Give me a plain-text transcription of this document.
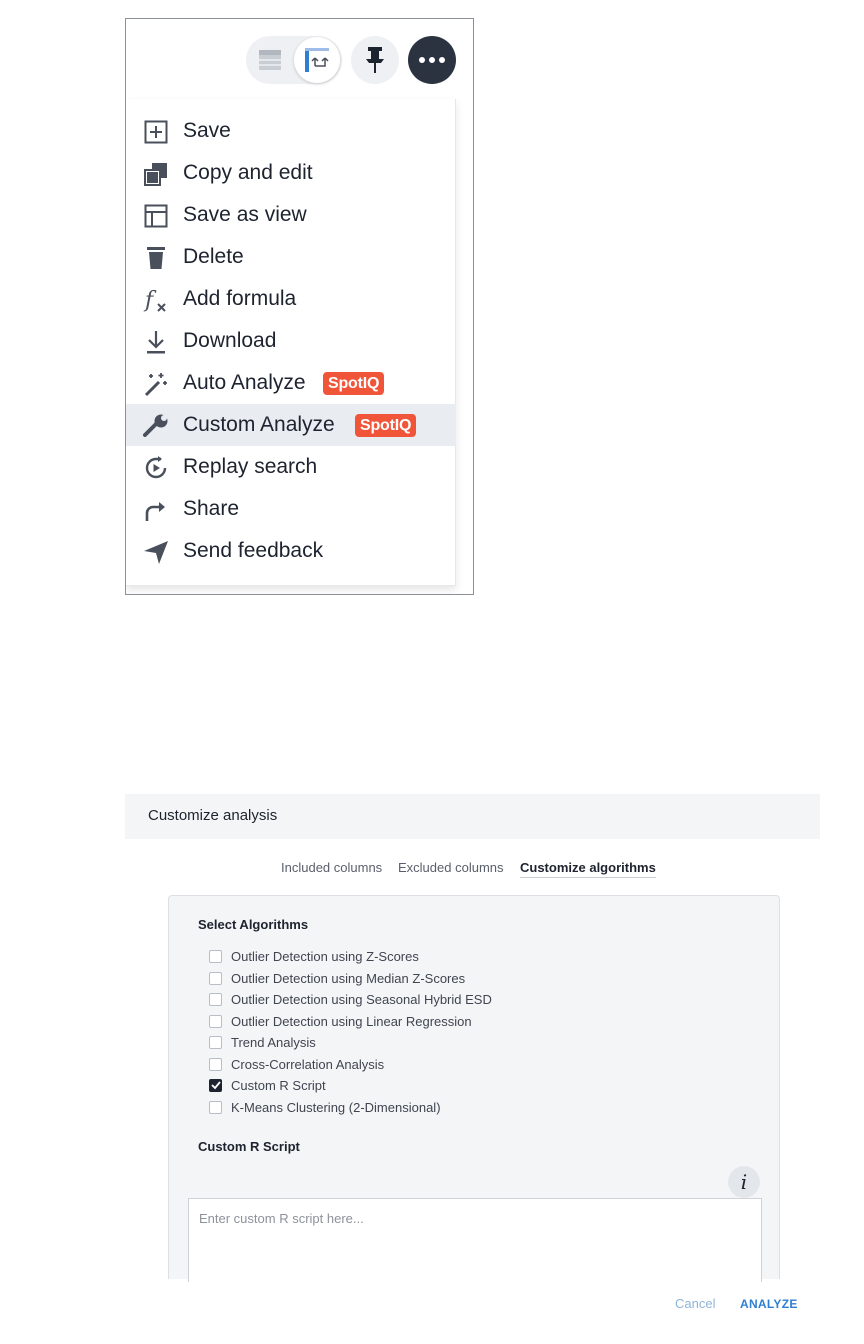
Save
Copy and edit
Save as view
Delete
f Add formula
Download
Auto Analyze	SpotIQ
Custom Analyze	SpotIQ
Replay search
Share
Send feedback
Customize analysis
Included columns Excluded columns Customize algorithms
Select Algorithms
Outlier Detection using Z-Scores
Outlier Detection using Median Z-Scores
Outlier Detection using Seasonal Hybrid ESD
Outlier Detection using Linear Regression
Trend Analysis
Cross-Correlation Analysis
Custom R Script
K-Means Clustering (2-Dimensional)
Custom R Script
i
Enter custom R script here...
Cancel ANALYZE
